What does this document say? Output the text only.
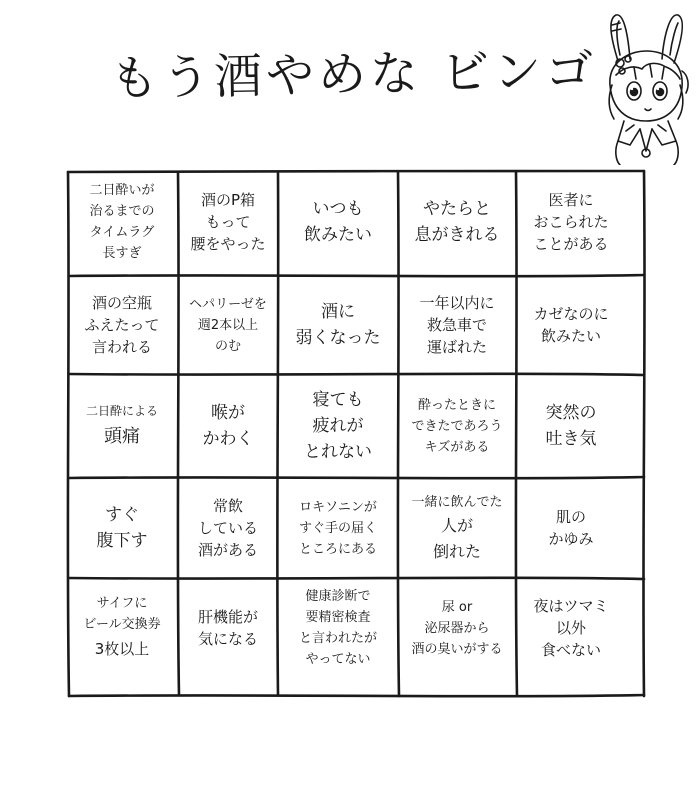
もう酒やめな ビンゴ
二日酔いが
治るまでの
タイムラグ
長すぎ
酒のP箱
もって
腰をやった
いつも
飲みたい
やたらと
息がきれる
医者に
おこられた
ことがある
酒の空瓶
ふえたって
言われる
ヘパリーゼを
週2本以上
のむ
酒に
弱くなった
一年以内に
救急車で
運ばれた
カゼなのに
飲みたい
二日酔による
頭痛
喉が
かわく
寝ても
疲れが
とれない
酔ったときに
できたであろう
キズがある
突然の
吐き気
すぐ
腹下す
常飲
している
酒がある
ロキソニンが
すぐ手の届く
ところにある
一緒に飲んでた
人が
倒れた
肌の
かゆみ
サイフに
ビール交換券
3枚以上
肝機能が
気になる
健康診断で
要精密検査
と言われたが
やってない
尿 or
泌尿器から
酒の臭いがする
夜はツマミ
以外
食べない
